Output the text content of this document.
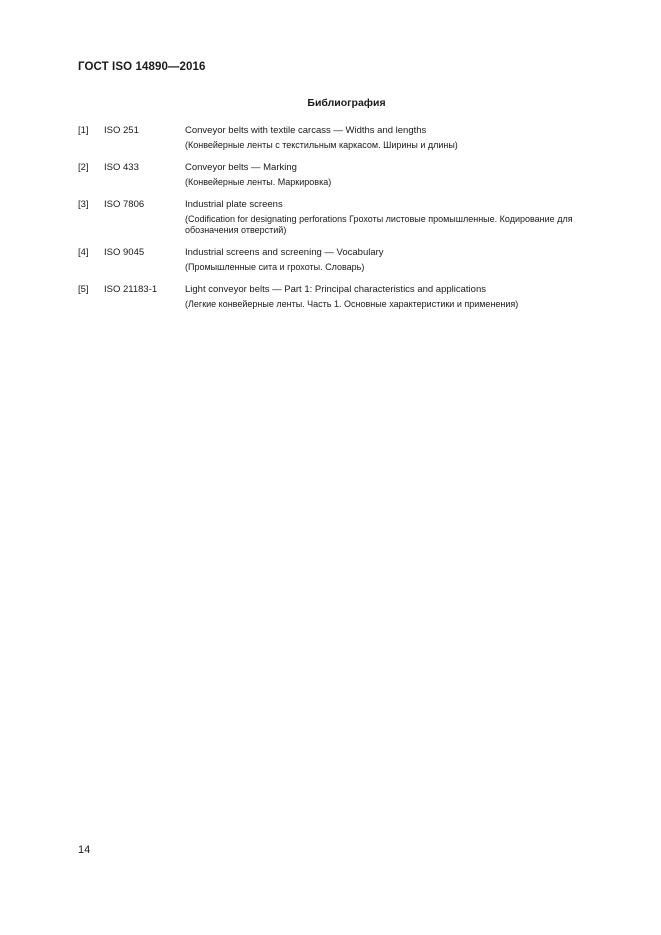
ГОСТ ISO 14890—2016
Библиография
[1] ISO 251	Conveyor belts with textile carcass — Widths and lengths
(Конвейерные ленты с текстильным каркасом. Ширины и длины)
[2] ISO 433	Conveyor belts — Marking
(Конвейерные ленты. Маркировка)
[3] ISO 7806	Industrial plate screens
(Codification for designating perforations Грохоты листовые промышленные. Кодирование для обозначения отверстий)
[4] ISO 9045	Industrial screens and screening — Vocabulary
(Промышленные сита и грохоты. Словарь)
[5] ISO 21183-1	Light conveyor belts — Part 1: Principal characteristics and applications
(Легкие конвейерные ленты. Часть 1. Основные характеристики и применения)
14
